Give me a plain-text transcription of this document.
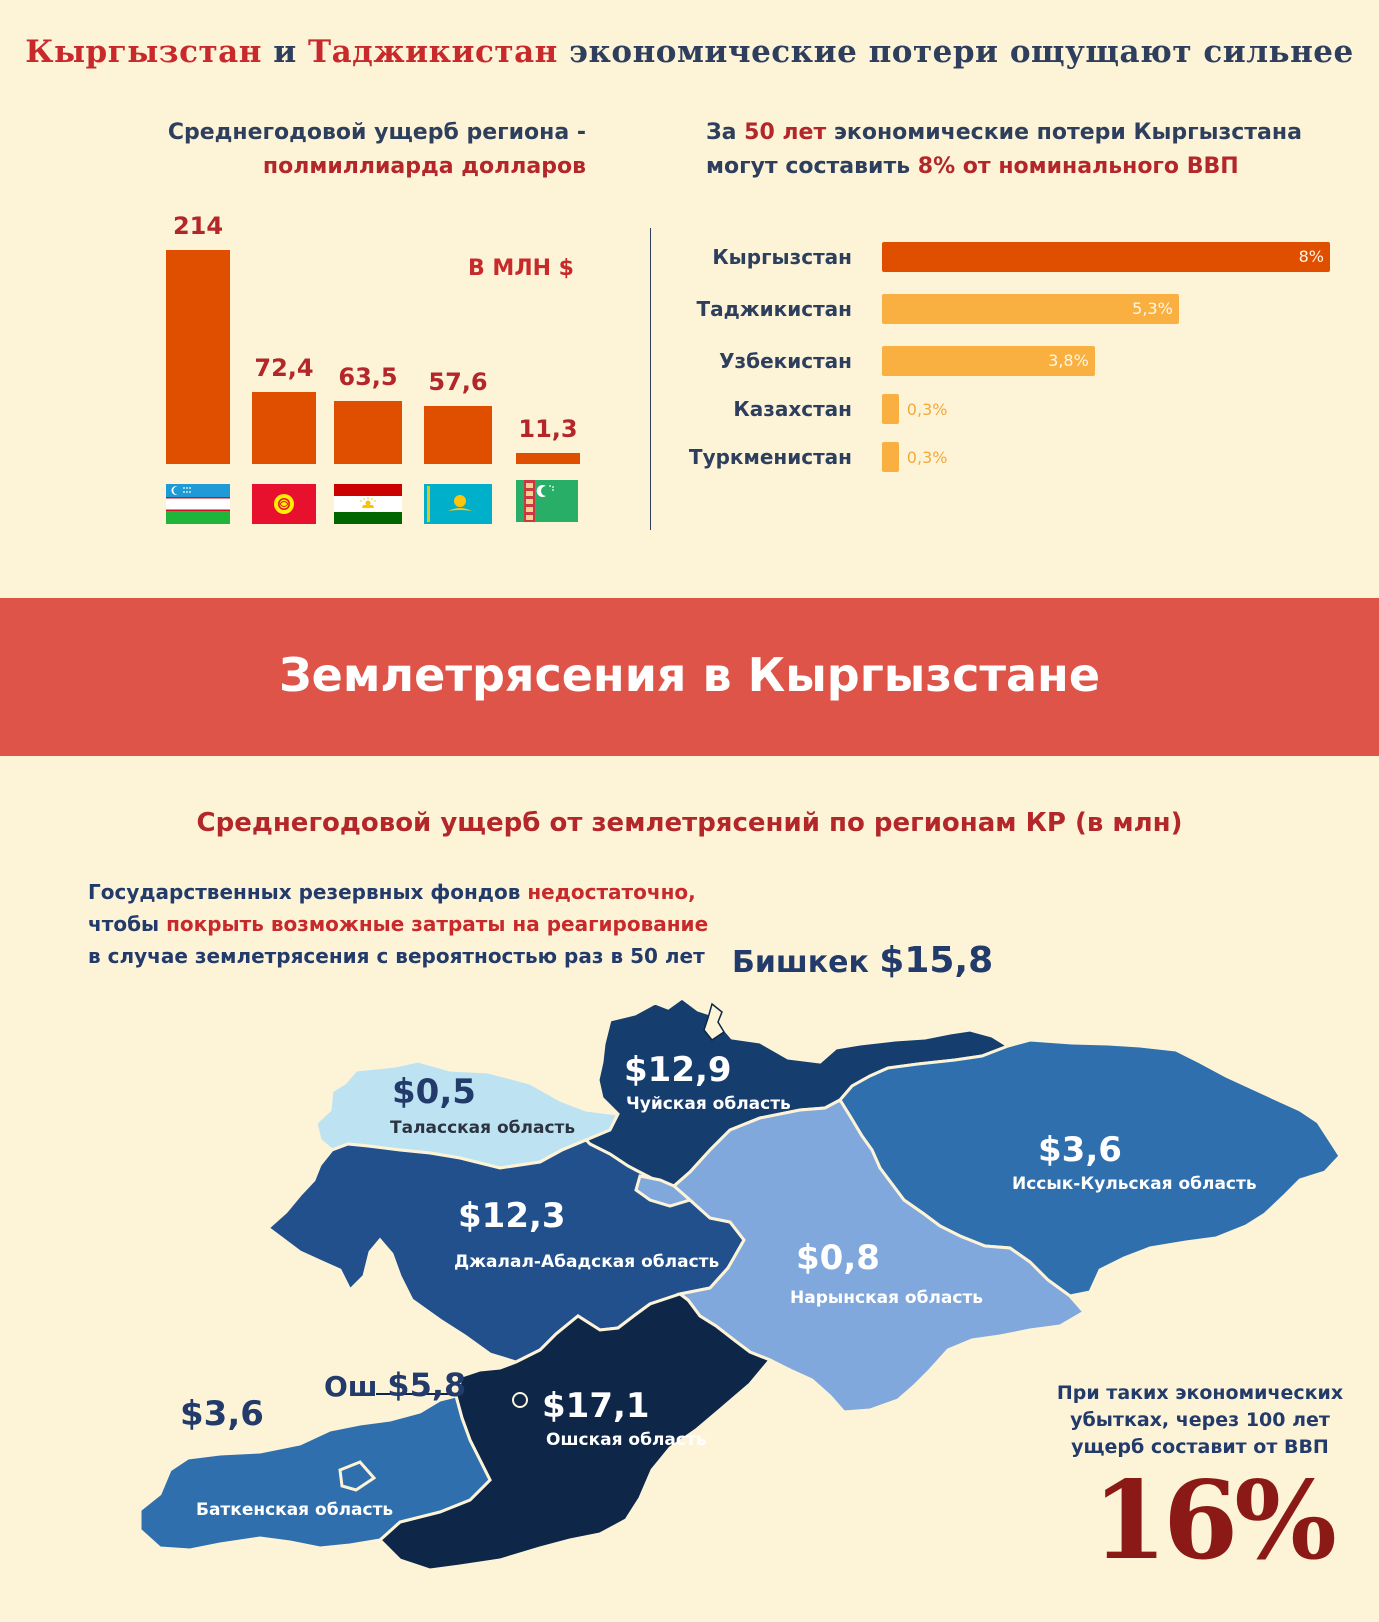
Кыргызстан и Таджикистан экономические потери ощущают сильнее
Среднегодовой ущерб региона -
полмиллиарда долларов
За 50 лет экономические потери Кыргызстана
могут составить 8% от номинального ВВП
В МЛН $
214
72,4	63,5	57,6
11,3
Кыргызстан	8%
Таджикистан	5,3%
Узбекистан	3,8%
Казахстан	0,3%
Туркменистан	0,3%
Землетрясения в Кыргызстане
Среднегодовой ущерб от землетрясений по регионам КР (в млн)
Государственных резервных фондов недостаточно,
чтобы покрыть возможные затраты на реагирование
в случае землетрясения с вероятностью раз в 50 лет Бишкек $15,8
$12,9
Чуйская область
$0,5
Таласская область
$3,6
Иссык-Кульская область
$12,3
Джалал-Абадская область $0,8
Нарынская область
$17,1
Ошская область
$3,6
Баткенская область
Ош $5,8	При таких экономических
убытках, через 100 лет
ущерб составит от ВВП
16%
